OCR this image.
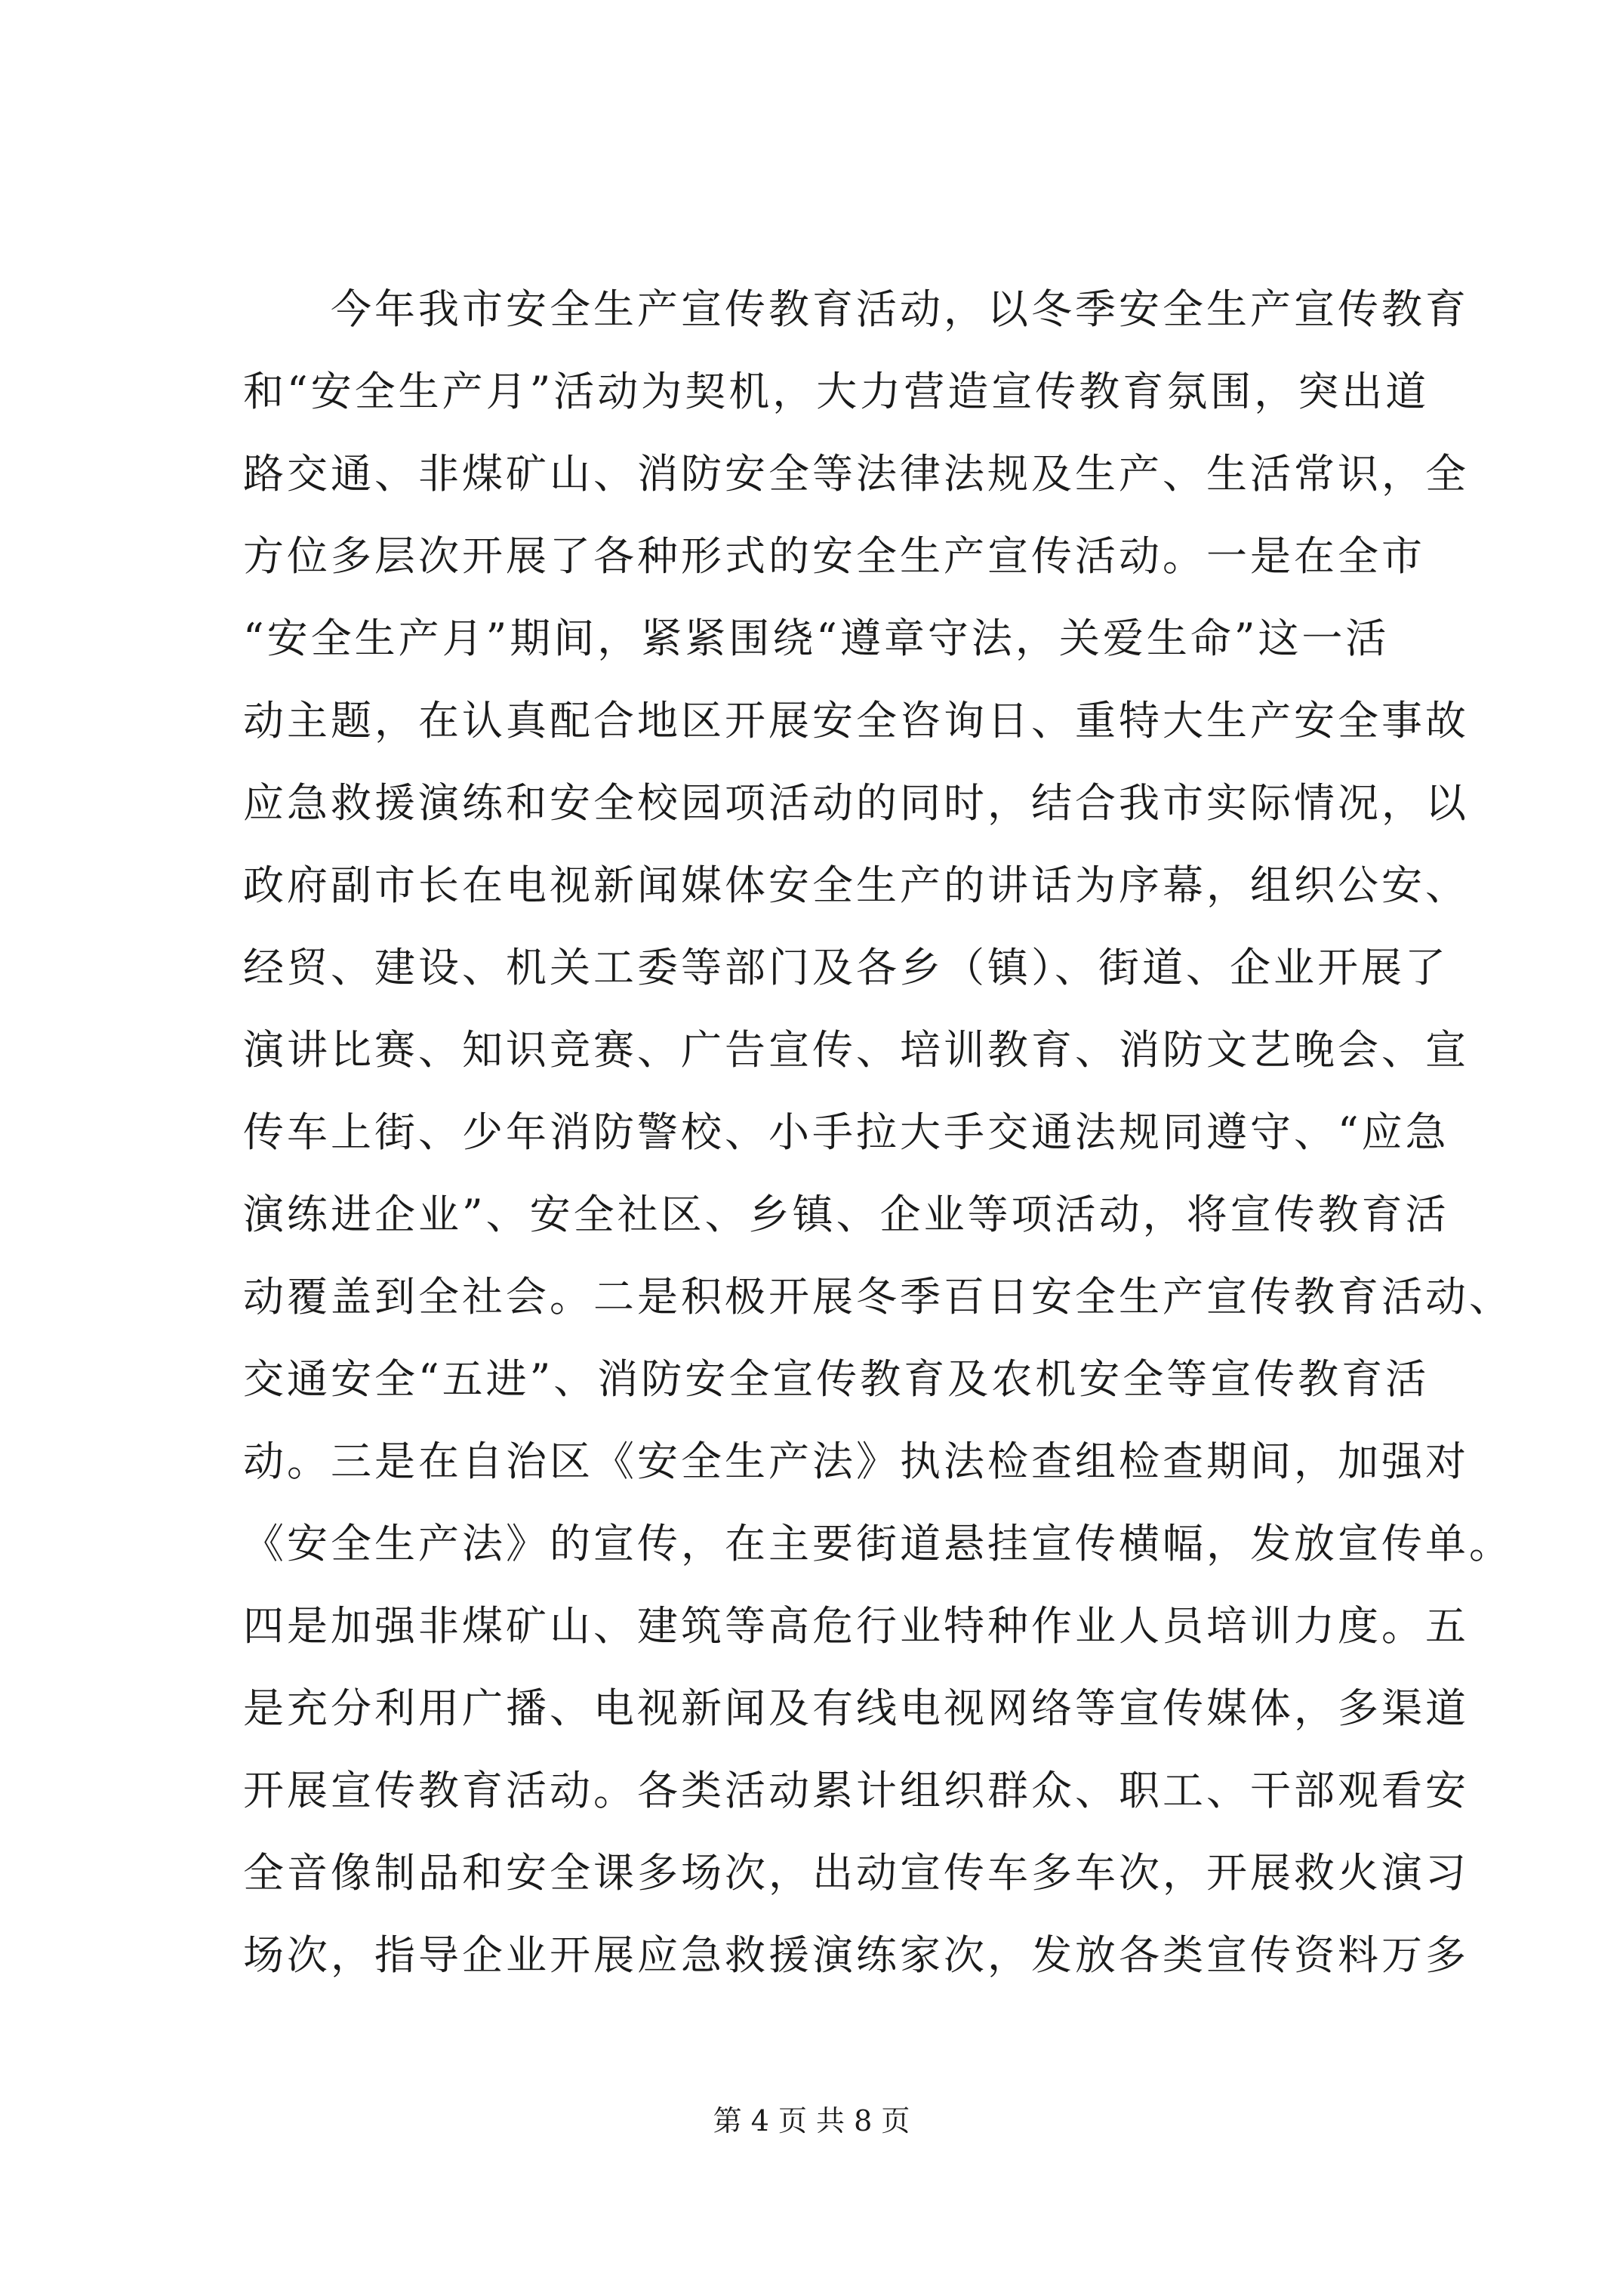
今年我市安全生产宣传教育活动，以冬季安全生产宣传教育
和“安全生产月”活动为契机，大力营造宣传教育氛围，突出道
路交通、非煤矿山、消防安全等法律法规及生产、生活常识，全
方位多层次开展了各种形式的安全生产宣传活动。一是在全市
“安全生产月”期间，紧紧围绕“遵章守法，关爱生命”这一活
动主题，在认真配合地区开展安全咨询日、重特大生产安全事故
应急救援演练和安全校园项活动的同时，结合我市实际情况，以
政府副市长在电视新闻媒体安全生产的讲话为序幕，组织公安、
经贸、建设、机关工委等部门及各乡（镇）、街道、企业开展了
演讲比赛、知识竞赛、广告宣传、培训教育、消防文艺晚会、宣
传车上街、少年消防警校、小手拉大手交通法规同遵守、“应急
演练进企业”、安全社区、乡镇、企业等项活动，将宣传教育活
动覆盖到全社会。二是积极开展冬季百日安全生产宣传教育活动、
交通安全“五进”、消防安全宣传教育及农机安全等宣传教育活
动。三是在自治区《安全生产法》执法检查组检查期间，加强对
《安全生产法》的宣传，在主要街道悬挂宣传横幅，发放宣传单。
四是加强非煤矿山、建筑等高危行业特种作业人员培训力度。五
是充分利用广播、电视新闻及有线电视网络等宣传媒体，多渠道
开展宣传教育活动。各类活动累计组织群众、职工、干部观看安
全音像制品和安全课多场次，出动宣传车多车次，开展救火演习
场次，指导企业开展应急救援演练家次，发放各类宣传资料万多

第 4 页 共 8 页
